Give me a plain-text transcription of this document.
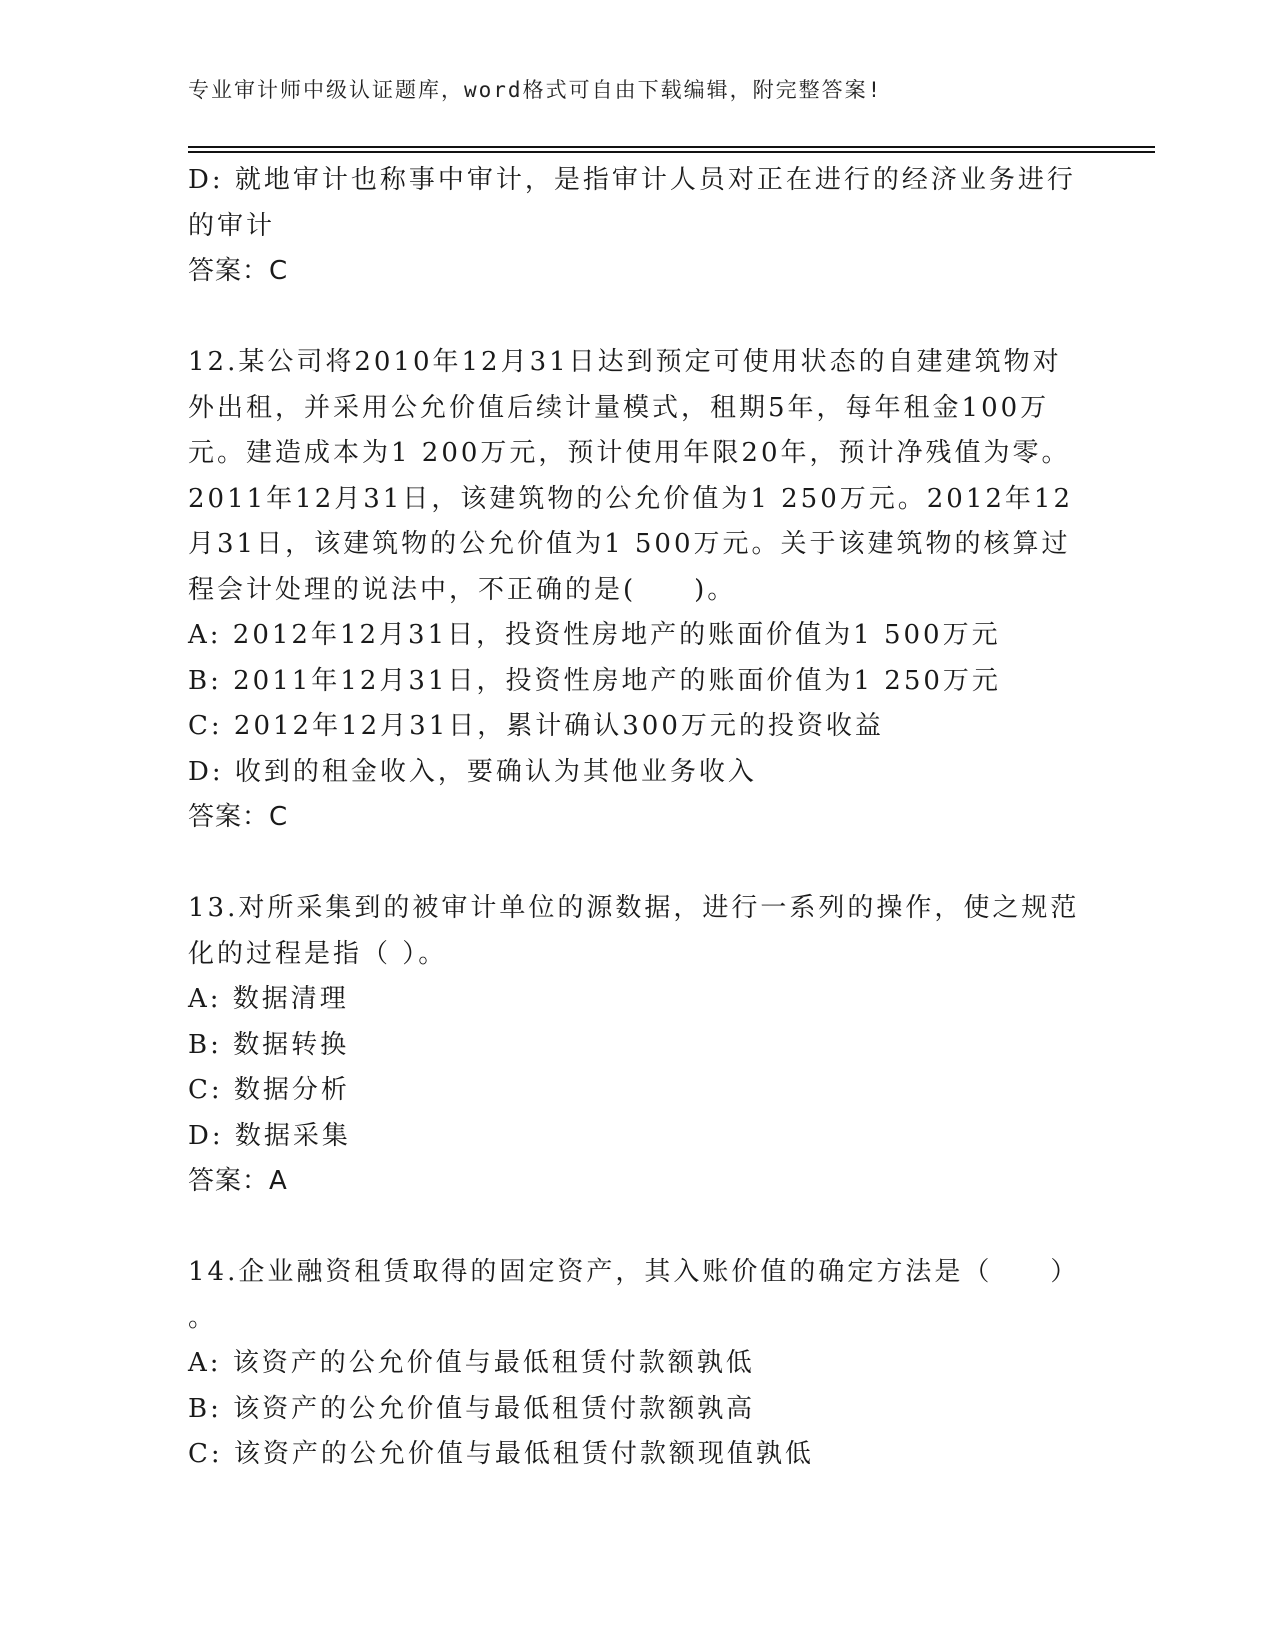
专业审计师中级认证题库，word格式可自由下载编辑，附完整答案!
D: 就地审计也称事中审计，是指审计人员对正在进行的经济业务进行
的审计
答案：C
12.某公司将2010年12月31日达到预定可使用状态的自建建筑物对
外出租，并采用公允价值后续计量模式，租期5年，每年租金100万
元。建造成本为1 200万元，预计使用年限20年，预计净残值为零。
2011年12月31日，该建筑物的公允价值为1 250万元。2012年12
月31日，该建筑物的公允价值为1 500万元。关于该建筑物的核算过
程会计处理的说法中，不正确的是(　　)。
A: 2012年12月31日，投资性房地产的账面价值为1 500万元
B: 2011年12月31日，投资性房地产的账面价值为1 250万元
C: 2012年12月31日，累计确认300万元的投资收益
D: 收到的租金收入，要确认为其他业务收入
答案：C
13.对所采集到的被审计单位的源数据，进行一系列的操作，使之规范
化的过程是指（ ）。
A: 数据清理
B: 数据转换
C: 数据分析
D: 数据采集
答案：A
14.企业融资租赁取得的固定资产，其入账价值的确定方法是（　　）
。
A: 该资产的公允价值与最低租赁付款额孰低
B: 该资产的公允价值与最低租赁付款额孰高
C: 该资产的公允价值与最低租赁付款额现值孰低
